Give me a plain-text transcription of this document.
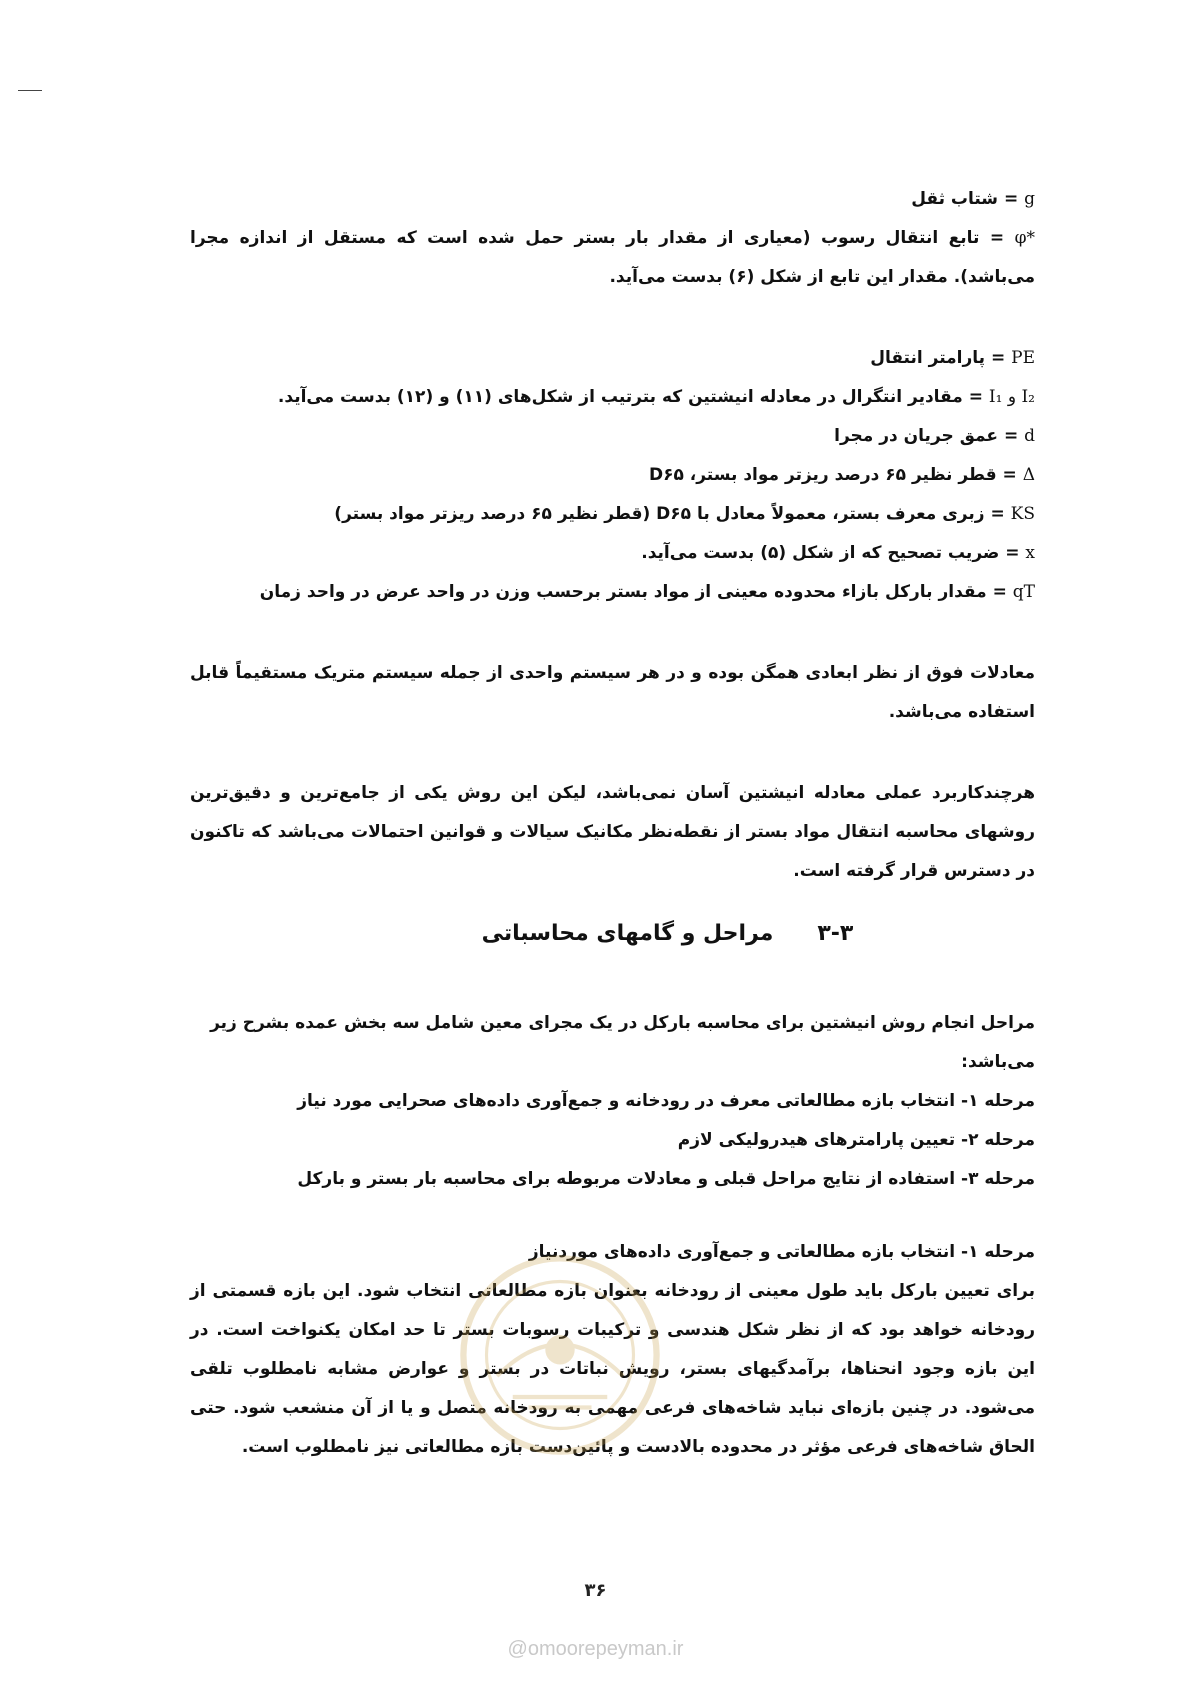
g = شتاب ثقل
φ* = تابع انتقال رسوب (معیاری از مقدار بار بستر حمل شده است که مستقل از اندازه مجرا می‌باشد). مقدار این تابع از شکل (۶) بدست می‌آید.
PE = پارامتر انتقال
I₁ و I₂ = مقادیر انتگرال در معادله انیشتین که بترتیب از شکل‌های (۱۱) و (۱۲) بدست می‌آید.
d = عمق جریان در مجرا
Δ = قطر نظیر ۶۵ درصد ریزتر مواد بستر، D۶۵
KS = زبری معرف بستر، معمولاً معادل با D۶۵ (قطر نظیر ۶۵ درصد ریزتر مواد بستر)
x = ضریب تصحیح که از شکل (۵) بدست می‌آید.
qT = مقدار بارکل بازاء محدوده معینی از مواد بستر برحسب وزن در واحد عرض در واحد زمان
معادلات فوق از نظر ابعادی همگن بوده و در هر سیستم واحدی از جمله سیستم متریک مستقیماً قابل استفاده می‌باشد.
هرچندکاربرد عملی معادله انیشتین آسان نمی‌باشد، لیکن این روش یکی از جامع‌ترین و دقیق‌ترین روشهای محاسبه انتقال مواد بستر از نقطه‌نظر مکانیک سیالات و قوانین احتمالات می‌باشد که تاکنون در دسترس قرار گرفته است.
۳-۳
مراحل و گامهای محاسباتی
مراحل انجام روش انیشتین برای محاسبه بارکل در یک مجرای معین شامل سه بخش عمده بشرح زیر می‌باشد:
مرحله ۱- انتخاب بازه مطالعاتی معرف در رودخانه و جمع‌آوری داده‌های صحرایی مورد نیاز
مرحله ۲- تعیین پارامترهای هیدرولیکی لازم
مرحله ۳- استفاده از نتایج مراحل قبلی و معادلات مربوطه برای محاسبه بار بستر و بارکل
مرحله ۱- انتخاب بازه مطالعاتی و جمع‌آوری داده‌های موردنیاز
برای تعیین بارکل باید طول معینی از رودخانه بعنوان بازه مطالعاتی انتخاب شود. این بازه قسمتی از رودخانه خواهد بود که از نظر شکل هندسی و ترکیبات رسوبات بستر تا حد امکان یکنواخت است. در این بازه وجود انحناها، برآمدگیهای بستر، رویش نباتات در بستر و عوارض مشابه نامطلوب تلقی می‌شود. در چنین بازه‌ای نباید شاخه‌های فرعی مهمی به رودخانه متصل و یا از آن منشعب شود. حتی الحاق شاخه‌های فرعی مؤثر در محدوده بالادست و پائین‌دست بازه مطالعاتی نیز نامطلوب است.
۳۶
@omoorepeyman.ir
